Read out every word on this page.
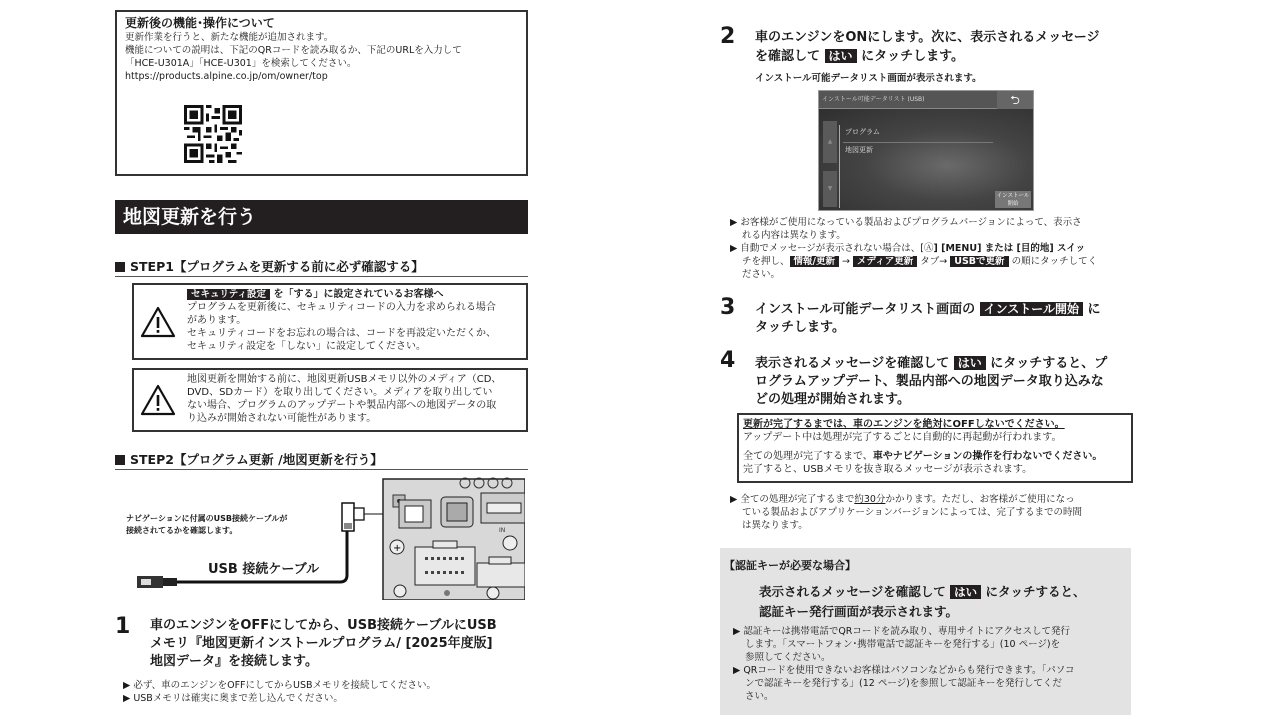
更新後の機能･操作について
更新作業を行うと、新たな機能が追加されます。
機能についての説明は、下記のQRコードを読み取るか、下記のURLを入力して
「HCE-U301A」「HCE-U301」を検索してください。
https://products.alpine.co.jp/om/owner/top
地図更新を行う
STEP1【プログラムを更新する前に必ず確認する】
セキュリティ設定 を「する」に設定されているお客様へ
プログラムを更新後に、セキュリティコードの入力を求められる場合
があります。
セキュリティコードをお忘れの場合は、コードを再設定いただくか、
セキュリティ設定を「しない」に設定してください。
地図更新を開始する前に、地図更新USBメモリ以外のメディア（CD、
DVD、SDカード）を取り出してください。メディアを取り出してい
ない場合、プログラムのアップデートや製品内部への地図データの取
り込みが開始されない可能性があります。
STEP2【プログラム更新 /地図更新を行う】
ナビゲーションに付属のUSB接続ケーブルが
接続されてるかを確認します。
USB 接続ケーブル
IN
+
1 車のエンジンをOFFにしてから、USB接続ケーブルにUSB
メモリ『地図更新インストールプログラム/ [2025年度版]
地図データ』を接続します。
▶ 必ず、車のエンジンをOFFにしてからUSBメモリを接続してください。
▶ USBメモリは確実に奥まで差し込んでください。
2 車のエンジンをONにします。次に、表示されるメッセージ
を確認して はい にタッチします。
インストール可能データリスト画面が表示されます。
インストール可能データリスト (USB)	⮌
▲
▼
プログラム
地図更新
インストール
開始
▶ お客様がご使用になっている製品およびプログラムバージョンによって、表示さ
れる内容は異なります。
▶ 自動でメッセージが表示されない場合は、[Ⓐ] [MENU] または [目的地] スイッ
チを押し、 情報/更新 → メディア更新 タブ→ USBで更新 の順にタッチしてく
ださい。
3 インストール可能データリスト画面の インストール開始 に
タッチします。
4 表示されるメッセージを確認して はい にタッチすると、プ
ログラムアップデート、製品内部への地図データ取り込みな
どの処理が開始されます。
更新が完了するまでは、車のエンジンを絶対にOFFしないでください。
アップデート中は処理が完了するごとに自動的に再起動が行われます。
全ての処理が完了するまで、車やナビゲーションの操作を行わないでください。
完了すると、USBメモリを抜き取るメッセージが表示されます。
▶ 全ての処理が完了するまで約30分かかります。ただし、お客様がご使用になっ
ている製品およびアプリケーションバージョンによっては、完了するまでの時間
は異なります。
【認証キーが必要な場合】
表示されるメッセージを確認して はい にタッチすると、
認証キー発行画面が表示されます。
▶ 認証キーは携帯電話でQRコードを読み取り、専用サイトにアクセスして発行
します。「スマートフォン･携帯電話で認証キーを発行する」(10 ページ)を
参照してください。
▶ QRコードを使用できないお客様はパソコンなどからも発行できます。「パソコ
ンで認証キーを発行する」(12 ページ)を参照して認証キーを発行してくだ
さい。
